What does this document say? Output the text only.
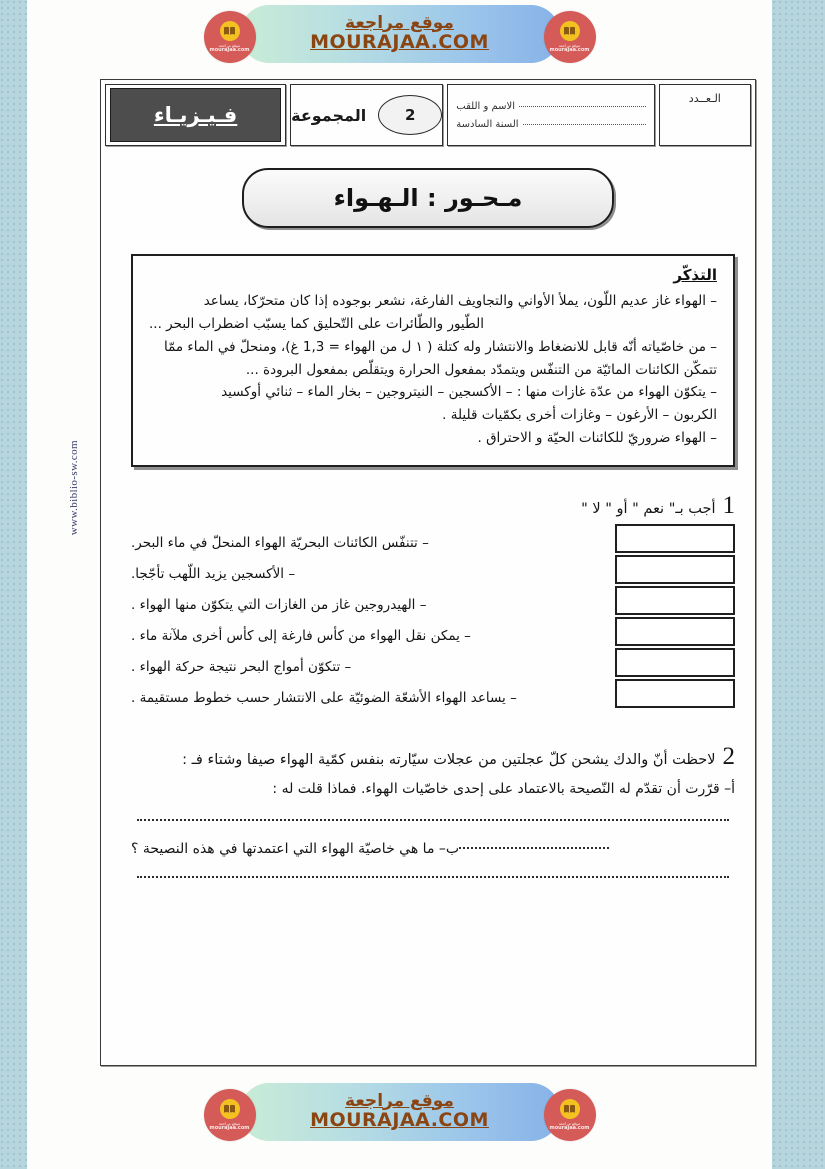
موقع مراجعة
mourajaa.com
موقع مراجعة
MOURAJAA.COM
موقع مراجعة
mourajaa.com
www.biblio-sw.com
الـعــدد
الاسم و اللقب
السنة السادسة
2
المجموعة
فـيـزيـاء
مـحـور : الـهـواء
التذكّر
– الهواء غاز عديم اللّون، يملأ الأواني والتجاويف الفارغة، نشعر بوجوده إذا كان متحرّكا، يساعد
الطّيور والطّائرات على التّحليق كما يسبّب اضطراب البحر ...
– من خاصّياته أنّه قابل للانضغاط والانتشار وله كتلة ( ١ ل من الهواء = 1,3 غ)، ومنحلّ في الماء ممّا
تتمكّن الكائنات المائيّة من التنفّس ويتمدّد بمفعول الحرارة ويتقلّص بمفعول البرودة ...
– يتكوّن الهواء من عدّة غازات منها : – الأكسجين – النيتروجين – بخار الماء – ثنائي أوكسيد
الكربون – الأرغون – وغازات أخرى بكمّيات قليلة .
– الهواء ضروريّ للكائنات الحيّة و الاحتراق .
1
أجب بـ" نعم " أو " لا "
– تتنفّس الكائنات البحريّة الهواء المنحلّ في ماء البحر.
– الأكسجين يزيد اللّهب تأجّجا.
– الهيدروجين غاز من الغازات التي يتكوّن منها الهواء .
– يمكن نقل الهواء من كأس فارغة إلى كأس أخرى ملآنة ماء .
– تتكوّن أمواج البحر نتيجة حركة الهواء .
– يساعد الهواء الأشعّة الضوئيّة على الانتشار حسب خطوط مستقيمة .
2
لاحظت أنّ والدك يشحن كلّ عجلتين من عجلات سيّارته بنفس كمّية الهواء صيفا وشتاء فـ :
أ– قرّرت أن تقدّم له النّصيحة بالاعتماد على إحدى خاصّيات الهواء. فماذا قلت له :
ب– ما هي خاصيّة الهواء التي اعتمدتها في هذه النصيحة ؟
موقع مراجعة
mourajaa.com
موقع مراجعة
MOURAJAA.COM
موقع مراجعة
mourajaa.com
